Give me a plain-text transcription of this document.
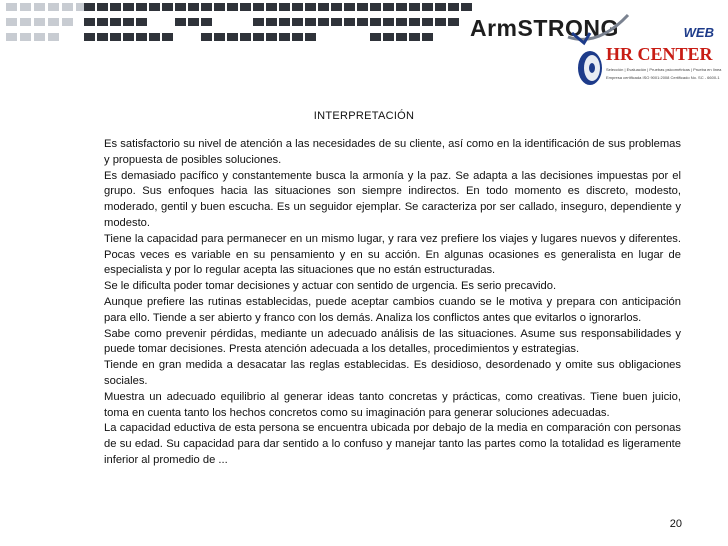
ArmSTRONG	WEB
HR CENTER
Selección | Evaluación | Pruebas psicométricas | Prueba en línea
Empresa certificada ISO 9001:2008 Certificado No. SC - 6600-1
INTERPRETACIÓN

Es satisfactorio su nivel de atención a las necesidades de su cliente, así como en la identificación de sus problemas y propuesta de posibles soluciones.

Es demasiado pacífico y constantemente busca la armonía y la paz. Se adapta a las decisiones impuestas por el grupo. Sus enfoques hacia las situaciones son siempre indirectos. En todo momento es discreto, modesto, moderado, gentil y buen escucha. Es un seguidor ejemplar. Se caracteriza por ser callado, inseguro, dependiente y modesto.

Tiene la capacidad para permanecer en un mismo lugar, y rara vez prefiere los viajes y lugares nuevos y diferentes. Pocas veces es variable en su pensamiento y en su acción. En algunas ocasiones es generalista en lugar de especialista y por lo regular acepta las situaciones que no están estructuradas.

Se le dificulta poder tomar decisiones y actuar con sentido de urgencia. Es serio precavido.

Aunque prefiere las rutinas establecidas, puede aceptar cambios cuando se le motiva y prepara con anticipación para ello. Tiende a ser abierto y franco con los demás. Analiza los conflictos antes que evitarlos o ignorarlos.

Sabe como prevenir pérdidas, mediante un adecuado análisis de las situaciones. Asume sus responsabilidades y puede tomar decisiones. Presta atención adecuada a los detalles, procedimientos y estrategias.

Tiende en gran medida a desacatar las reglas establecidas. Es desidioso, desordenado y omite sus obligaciones sociales.

Muestra un adecuado equilibrio al generar ideas tanto concretas y prácticas, como creativas. Tiene buen juicio, toma en cuenta tanto los hechos concretos como su imaginación para generar soluciones adecuadas.

La capacidad eductiva de esta persona se encuentra ubicada por debajo de la media en comparación con personas de su edad. Su capacidad para dar sentido a lo confuso y manejar tanto las partes como la totalidad es ligeramente inferior al promedio de ...

20
